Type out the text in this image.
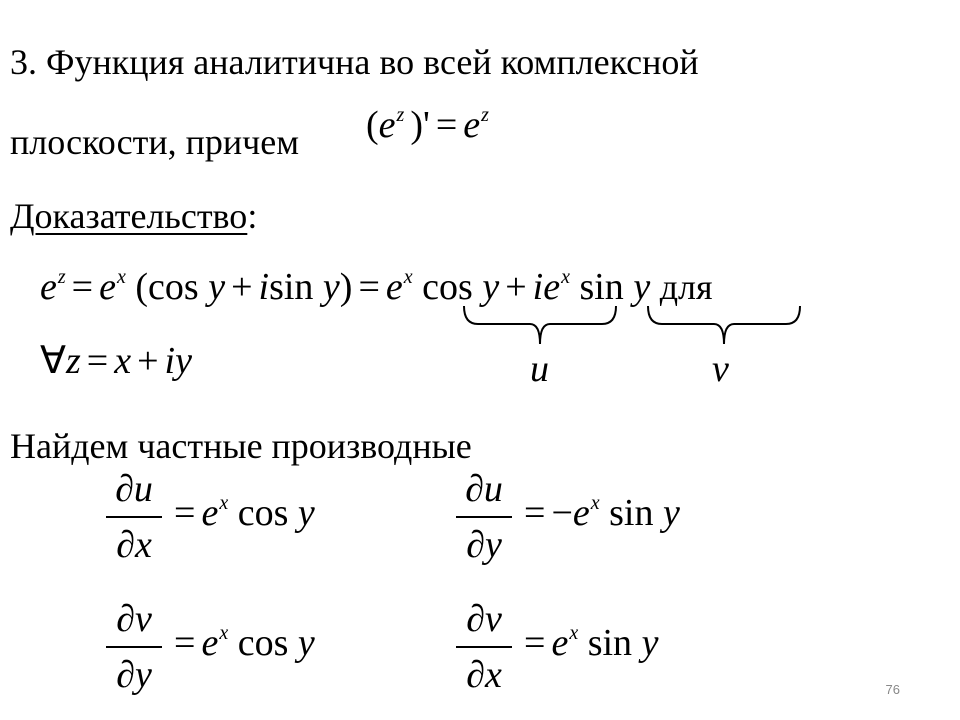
3. Функция аналитична во всей комплексной
плоскости, причем ($e^z$ )' = $e^z$
Доказательство:
$e^z = e^x$ (cos y + isin $y) = e^x$ $\cos y + ie^x$ sin y для
u	v
∀z = x + iy
Найдем частные производные
∂u
∂x
= $e^x$ cos y
∂u
∂y
= $-e^x$ sin y
∂v
∂y
= $e^x$ cos y
∂v
∂x
= $e^x$ sin y
76
